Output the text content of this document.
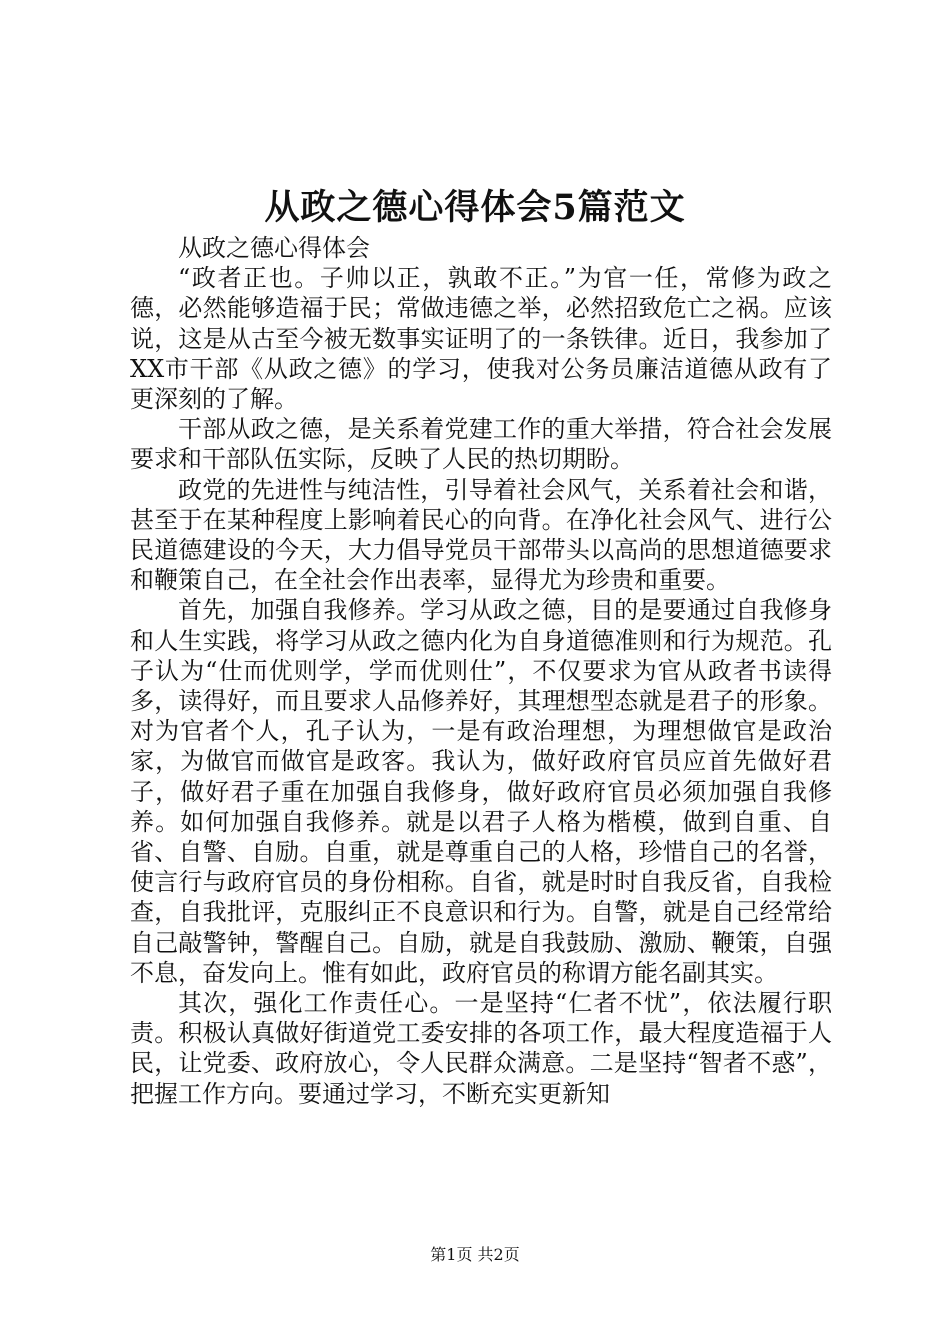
从政之德心得体会5篇范文
从政之德心得体会

“政者正也。子帅以正，孰敢不正。”为官一任，常修为政之德，必然能够造福于民；常做违德之举，必然招致危亡之祸。应该说，这是从古至今被无数事实证明了的一条铁律。近日，我参加了XX市干部《从政之德》的学习，使我对公务员廉洁道德从政有了更深刻的了解。

干部从政之德，是关系着党建工作的重大举措，符合社会发展要求和干部队伍实际，反映了人民的热切期盼。

政党的先进性与纯洁性，引导着社会风气，关系着社会和谐，甚至于在某种程度上影响着民心的向背。在净化社会风气、进行公民道德建设的今天，大力倡导党员干部带头以高尚的思想道德要求和鞭策自己，在全社会作出表率，显得尤为珍贵和重要。

首先，加强自我修养。学习从政之德，目的是要通过自我修身和人生实践，将学习从政之德内化为自身道德准则和行为规范。孔子认为“仕而优则学，学而优则仕”，不仅要求为官从政者书读得多，读得好，而且要求人品修养好，其理想型态就是君子的形象。对为官者个人，孔子认为，一是有政治理想，为理想做官是政治家，为做官而做官是政客。我认为，做好政府官员应首先做好君子，做好君子重在加强自我修身，做好政府官员必须加强自我修养。如何加强自我修养。就是以君子人格为楷模，做到自重、自省、自警、自励。自重，就是尊重自己的人格，珍惜自己的名誉，使言行与政府官员的身份相称。自省，就是时时自我反省，自我检查，自我批评，克服纠正不良意识和行为。自警，就是自己经常给自己敲警钟，警醒自己。自励，就是自我鼓励、激励、鞭策，自强不息，奋发向上。惟有如此，政府官员的称谓方能名副其实。

其次，强化工作责任心。一是坚持“仁者不忧”，依法履行职责。积极认真做好街道党工委安排的各项工作，最大程度造福于人民，让党委、政府放心，令人民群众满意。二是坚持“智者不惑”，把握工作方向。要通过学习，不断充实更新知

第1页 共2页
